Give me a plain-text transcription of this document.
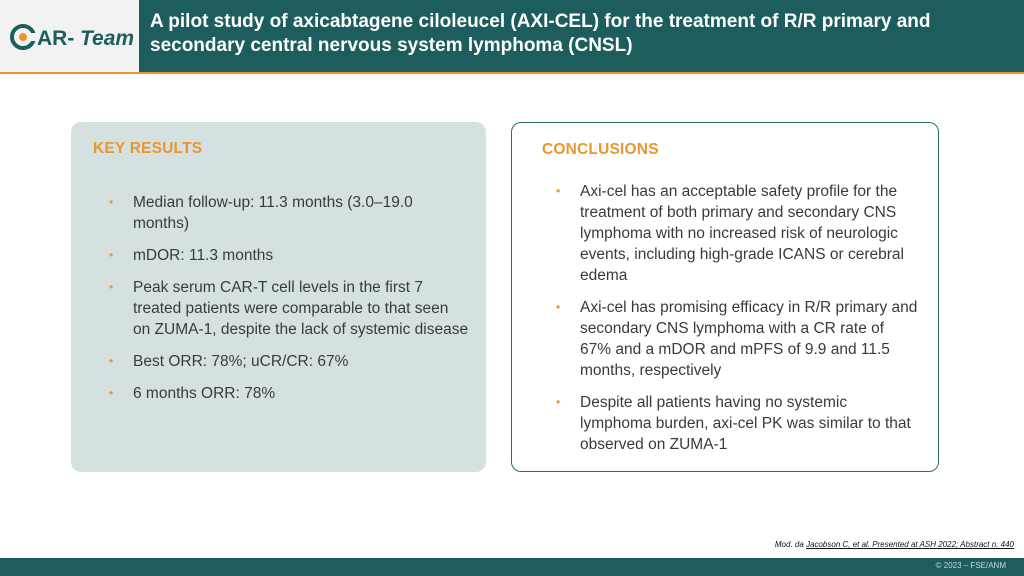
AR- Team
A pilot study of axicabtagene ciloleucel (AXI-CEL) for the treatment of R/R primary and secondary central nervous system lymphoma (CNSL)
KEY RESULTS
• Median follow-up: 11.3 months (3.0–19.0 months)
• mDOR: 11.3 months
• Peak serum CAR-T cell levels in the first 7 treated patients were comparable to that seen on ZUMA-1, despite the lack of systemic disease
• Best ORR: 78%; uCR/CR: 67%
• 6 months ORR: 78%
CONCLUSIONS
• Axi-cel has an acceptable safety profile for the treatment of both primary and secondary CNS lymphoma with no increased risk of neurologic events, including high-grade ICANS or cerebral edema
• Axi-cel has promising efficacy in R/R primary and secondary CNS lymphoma with a CR rate of 67% and a mDOR and mPFS of 9.9 and 11.5 months, respectively
• Despite all patients having no systemic lymphoma burden, axi-cel PK was similar to that observed on ZUMA-1
Mod. da Jacobson C, et al. Presented at ASH 2022; Abstract n. 440
© 2023 – FSE/ANM
